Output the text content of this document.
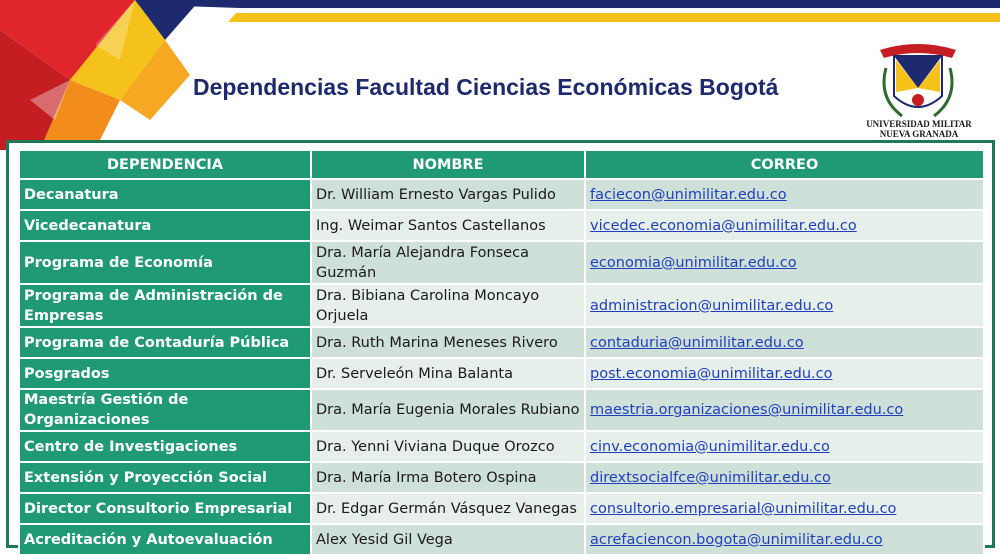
Dependencias Facultad Ciencias Económicas Bogotá
UNIVERSIDAD MILITAR
NUEVA GRANADA
DEPENDENCIA	NOMBRE	CORREO
Decanatura	Dr. William Ernesto Vargas Pulido	faciecon@unimilitar.edu.co
Vicedecanatura	Ing. Weimar Santos Castellanos	vicedec.economia@unimilitar.edu.co
Programa de Economía	Dra. María Alejandra Fonseca Guzmán	economia@unimilitar.edu.co
Programa de Administración de Empresas	Dra. Bibiana Carolina Moncayo Orjuela	administracion@unimilitar.edu.co
Programa de Contaduría Pública	Dra. Ruth Marina Meneses Rivero	contaduria@unimilitar.edu.co
Posgrados	Dr. Serveleón Mina Balanta	post.economia@unimilitar.edu.co
Maestría Gestión de Organizaciones	Dra. María Eugenia Morales Rubiano	maestria.organizaciones@unimilitar.edu.co
Centro de Investigaciones	Dra. Yenni Viviana Duque Orozco	cinv.economia@unimilitar.edu.co
Extensión y Proyección Social	Dra. María Irma Botero Ospina	dirextsocialfce@unimilitar.edu.co
Director Consultorio Empresarial	Dr. Edgar Germán Vásquez Vanegas	consultorio.empresarial@unimilitar.edu.co
Acreditación y Autoevaluación	Alex Yesid Gil Vega	acrefaciencon.bogota@unimilitar.edu.co
